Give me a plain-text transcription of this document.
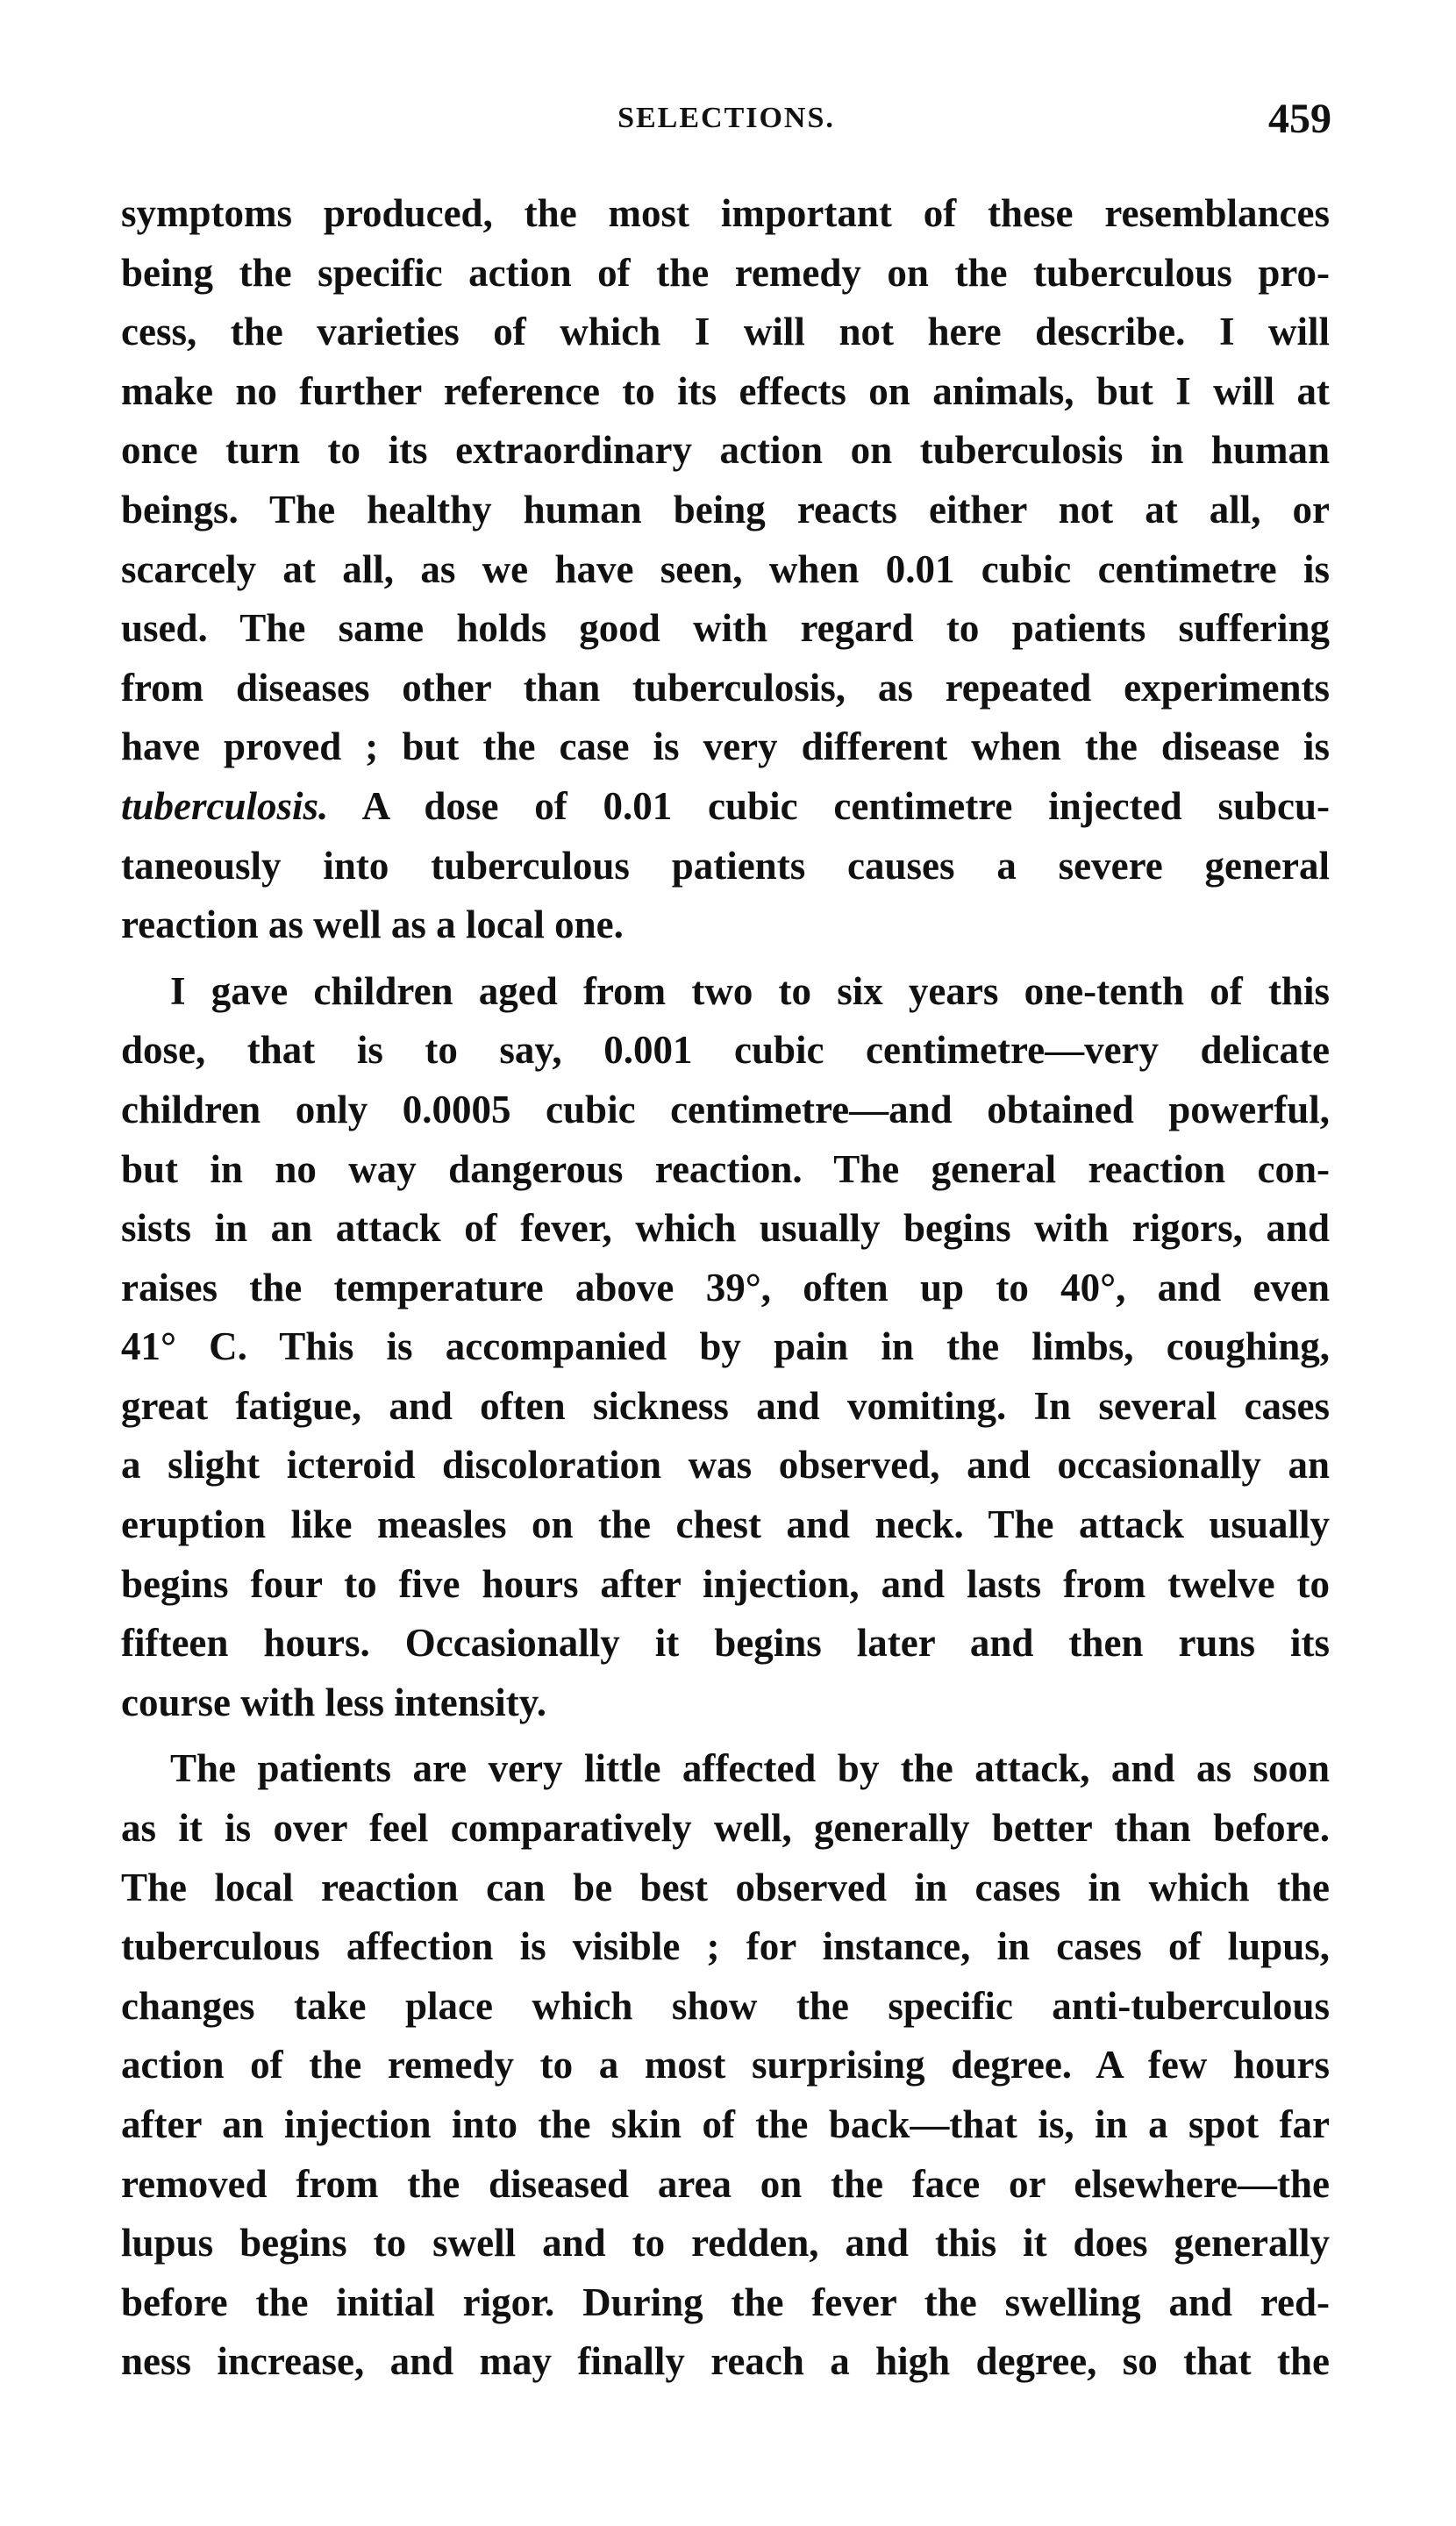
SELECTIONS.	459

symptoms produced, the most important of these resemblances
being the specific action of the remedy on the tuberculous pro-
cess, the varieties of which I will not here describe. I will
make no further reference to its effects on animals, but I will at
once turn to its extraordinary action on tuberculosis in human
beings. The healthy human being reacts either not at all, or
scarcely at all, as we have seen, when 0.01 cubic centimetre is
used. The same holds good with regard to patients suffering
from diseases other than tuberculosis, as repeated experiments
have proved ; but the case is very different when the disease is
tuberculosis. A dose of 0.01 cubic centimetre injected subcu-
taneously into tuberculous patients causes a severe general
reaction as well as a local one.

I gave children aged from two to six years one-tenth of this
dose, that is to say, 0.001 cubic centimetre—very delicate
children only 0.0005 cubic centimetre—and obtained powerful,
but in no way dangerous reaction. The general reaction con-
sists in an attack of fever, which usually begins with rigors, and
raises the temperature above 39°, often up to 40°, and even
41° C. This is accompanied by pain in the limbs, coughing,
great fatigue, and often sickness and vomiting. In several cases
a slight icteroid discoloration was observed, and occasionally an
eruption like measles on the chest and neck. The attack usually
begins four to five hours after injection, and lasts from twelve to
fifteen hours. Occasionally it begins later and then runs its
course with less intensity.

The patients are very little affected by the attack, and as soon
as it is over feel comparatively well, generally better than before.
The local reaction can be best observed in cases in which the
tuberculous affection is visible ; for instance, in cases of lupus,
changes take place which show the specific anti-tuberculous
action of the remedy to a most surprising degree. A few hours
after an injection into the skin of the back—that is, in a spot far
removed from the diseased area on the face or elsewhere—the
lupus begins to swell and to redden, and this it does generally
before the initial rigor. During the fever the swelling and red-
ness increase, and may finally reach a high degree, so that the
